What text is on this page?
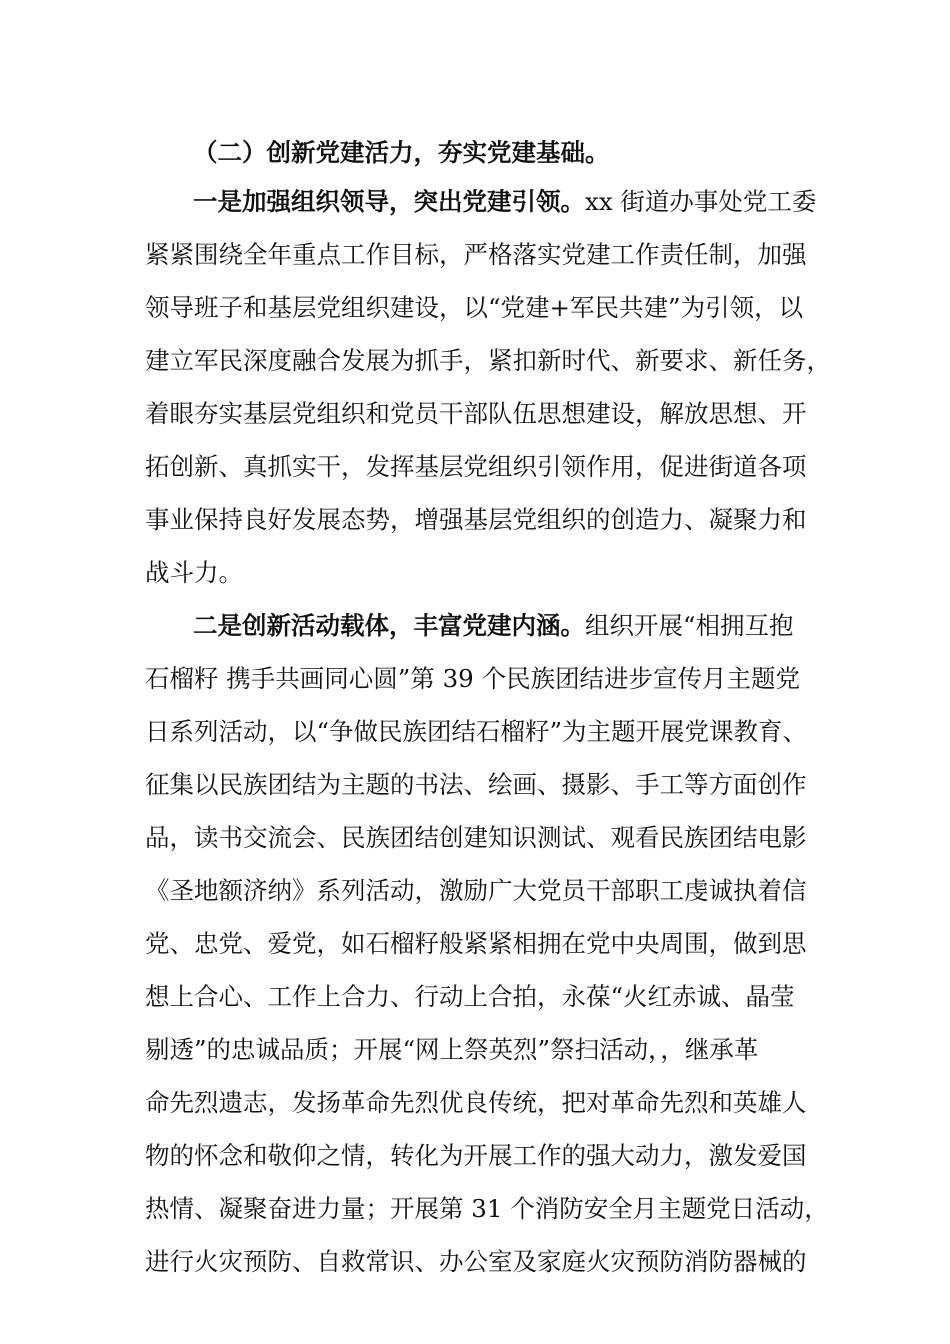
（二）创新党建活力，夯实党建基础。
一是加强组织领导，突出党建引领。xx 街道办事处党工委
紧紧围绕全年重点工作目标，严格落实党建工作责任制，加强
领导班子和基层党组织建设，以“党建+军民共建”为引领，以
建立军民深度融合发展为抓手，紧扣新时代、新要求、新任务，
着眼夯实基层党组织和党员干部队伍思想建设，解放思想、开
拓创新、真抓实干，发挥基层党组织引领作用，促进街道各项
事业保持良好发展态势，增强基层党组织的创造力、凝聚力和
战斗力。
二是创新活动载体，丰富党建内涵。组织开展“相拥互抱
石榴籽 携手共画同心圆”第 39 个民族团结进步宣传月主题党
日系列活动，以“争做民族团结石榴籽”为主题开展党课教育、
征集以民族团结为主题的书法、绘画、摄影、手工等方面创作
品，读书交流会、民族团结创建知识测试、观看民族团结电影
《圣地额济纳》系列活动，激励广大党员干部职工虔诚执着信
党、忠党、爱党，如石榴籽般紧紧相拥在党中央周围，做到思
想上合心、工作上合力、行动上合拍，永葆“火红赤诚、晶莹
剔透”的忠诚品质；开展“网上祭英烈”祭扫活动，，继承革
命先烈遗志，发扬革命先烈优良传统，把对革命先烈和英雄人
物的怀念和敬仰之情，转化为开展工作的强大动力，激发爱国
热情、凝聚奋进力量；开展第 31 个消防安全月主题党日活动，
进行火灾预防、自救常识、办公室及家庭火灾预防消防器械的
